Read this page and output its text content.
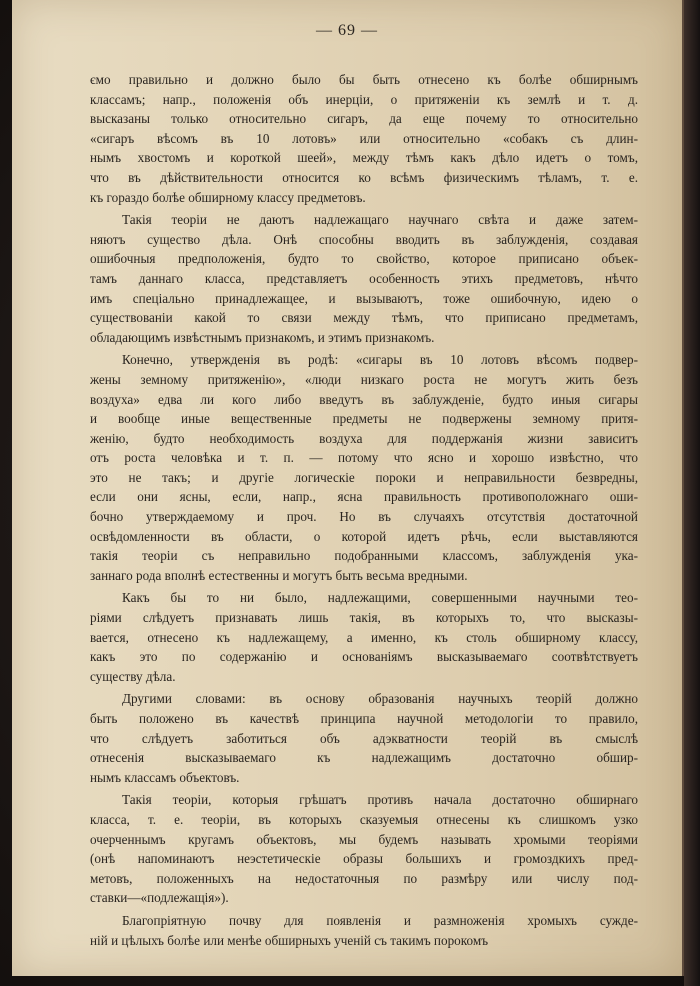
— 69 —
ємо правильно и должно было бы быть отнесено къ болѣе обширнымъ
классамъ; напр., положенія объ инерціи, о притяженіи къ землѣ и т. д.
высказаны только относительно сигаръ, да еще почему то относительно
«сигаръ вѣсомъ въ 10 лотовъ» или относительно «собакъ съ длин-
нымъ хвостомъ и короткой шеей», между тѣмъ какъ дѣло идетъ о томъ,
что въ дѣйствительности относится ко всѣмъ физическимъ тѣламъ, т. е.
къ гораздо болѣе обширному классу предметовъ.
Такія теоріи не даютъ надлежащаго научнаго свѣта и даже затем-
няютъ существо дѣла. Онѣ способны вводить въ заблужденія, создавая
ошибочныя предположенія, будто то свойство, которое приписано объек-
тамъ даннаго класса, представляетъ особенность этихъ предметовъ, нѣчто
имъ спеціально принадлежащее, и вызываютъ, тоже ошибочную, идею о
существованіи какой то связи между тѣмъ, что приписано предметамъ,
обладающимъ извѣстнымъ признакомъ, и этимъ признакомъ.
Конечно, утвержденія въ родѣ: «сигары въ 10 лотовъ вѣсомъ подвер-
жены земному притяженію», «люди низкаго роста не могутъ жить безъ
воздуха» едва ли кого либо введутъ въ заблужденіе, будто иныя сигары
и вообще иные вещественные предметы не подвержены земному притя-
женію, будто необходимость воздуха для поддержанія жизни зависитъ
отъ роста человѣка и т. п. — потому что ясно и хорошо извѣстно, что
это не такъ; и другіе логическіе пороки и неправильности безвредны,
если они ясны, если, напр., ясна правильность противоположнаго оши-
бочно утверждаемому и проч. Но въ случаяхъ отсутствія достаточной
освѣдомленности въ области, о которой идетъ рѣчь, если выставляются
такія теоріи съ неправильно подобранными классомъ, заблужденія ука-
заннаго рода вполнѣ естественны и могутъ быть весьма вредными.
Какъ бы то ни было, надлежащими, совершенными научными тео-
ріями слѣдуетъ признавать лишь такія, въ которыхъ то, что высказы-
вается, отнесено къ надлежащему, а именно, къ столь обширному классу,
какъ это по содержанію и основаніямъ высказываемаго соотвѣтствуетъ
существу дѣла.
Другими словами: въ основу образованія научныхъ теорій должно
быть положено въ качествѣ принципа научной методологіи то правило,
что слѣдуетъ заботиться объ адэкватности теорій въ смыслѣ
отнесенія высказываемаго къ надлежащимъ достаточно обшир-
нымъ классамъ объектовъ.
Такія теоріи, которыя грѣшатъ противъ начала достаточно обширнаго
класса, т. е. теоріи, въ которыхъ сказуемыя отнесены къ слишкомъ узко
очерченнымъ кругамъ объектовъ, мы будемъ называть хромыми теоріями
(онѣ напоминаютъ неэстетическіе образы большихъ и громоздкихъ пред-
метовъ, положенныхъ на недостаточныя по размѣру или числу под-
ставки—«подлежащія»).
Благопріятную почву для появленія и размноженія хромыхъ сужде-
ній и цѣлыхъ болѣе или менѣе обширныхъ ученій съ такимъ порокомъ
